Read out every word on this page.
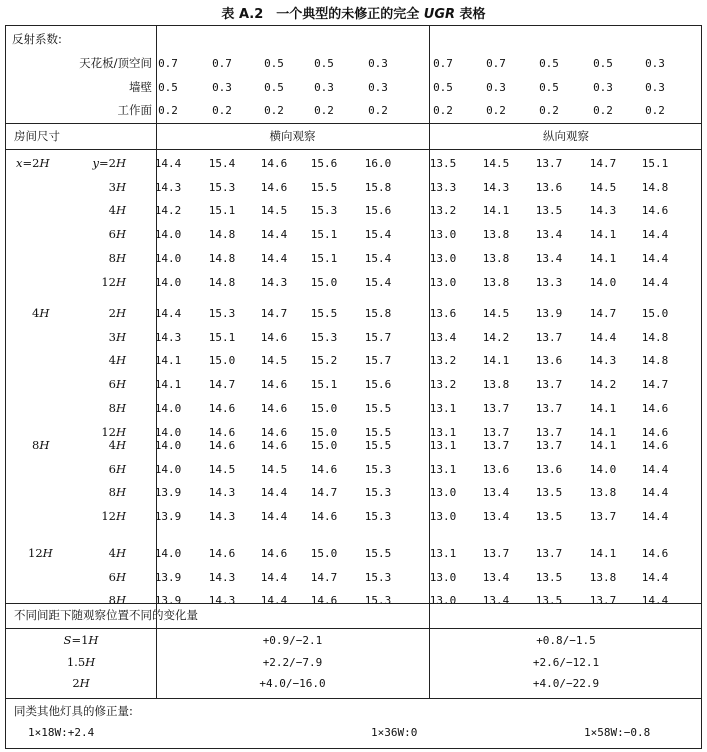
表 A.2　一个典型的未修正的完全 UGR 表格
反射系数:
天花板/顶空间 0.7	0.7	0.5	0.5	0.3	0.7	0.7	0.5	0.5	0.3
墙壁 0.5	0.3	0.5	0.3	0.3	0.5	0.3	0.5	0.3	0.3
工作面 0.2	0.2	0.2	0.2	0.2	0.2	0.2	0.2	0.2	0.2
房间尺寸	横向观察	纵向观察
x=2H	y=2H	14.4	15.4	14.6	15.6	16.0	13.5	14.5	13.7	14.7	15.1
3H	14.3	15.3	14.6	15.5	15.8	13.3	14.3	13.6	14.5	14.8
4H	14.2	15.1	14.5	15.3	15.6	13.2	14.1	13.5	14.3	14.6
6H	14.0	14.8	14.4	15.1	15.4	13.0	13.8	13.4	14.1	14.4
8H	14.0	14.8	14.4	15.1	15.4	13.0	13.8	13.4	14.1	14.4
12H	14.0	14.8	14.3	15.0	15.4	13.0	13.8	13.3	14.0	14.4
4H	2H	14.4	15.3	14.7	15.5	15.8	13.6	14.5	13.9	14.7	15.0
3H	14.3	15.1	14.6	15.3	15.7	13.4	14.2	13.7	14.4	14.8
4H	14.1	15.0	14.5	15.2	15.7	13.2	14.1	13.6	14.3	14.8
6H	14.1	14.7	14.6	15.1	15.6	13.2	13.8	13.7	14.2	14.7
8H	14.0	14.6	14.6	15.0	15.5	13.1	13.7	13.7	14.1	14.6
12H	14.0	14.6	14.6	15.0	15.5	13.1	13.7	13.7	14.1	14.6
8H	4H	14.0	14.6	14.6	15.0	15.5	13.1	13.7	13.7	14.1	14.6
6H	14.0	14.5	14.5	14.6	15.3	13.1	13.6	13.6	14.0	14.4
8H	13.9	14.3	14.4	14.7	15.3	13.0	13.4	13.5	13.8	14.4
12H	13.9	14.3	14.4	14.6	15.3	13.0	13.4	13.5	13.7	14.4
12H	4H	14.0	14.6	14.6	15.0	15.5	13.1	13.7	13.7	14.1	14.6
6H	13.9	14.3	14.4	14.7	15.3	13.0	13.4	13.5	13.8	14.4
8H	13.9	14.3	14.4	14.6	15.3	13.0	13.4	13.5	13.7	14.4
不同间距下随观察位置不同的变化量
S=1H	+0.9/−2.1	+0.8/−1.5
1.5H	+2.2/−7.9	+2.6/−12.1
2H	+4.0/−16.0	+4.0/−22.9
同类其他灯具的修正量:
1×18W:+2.4	1×36W:0	1×58W:−0.8
